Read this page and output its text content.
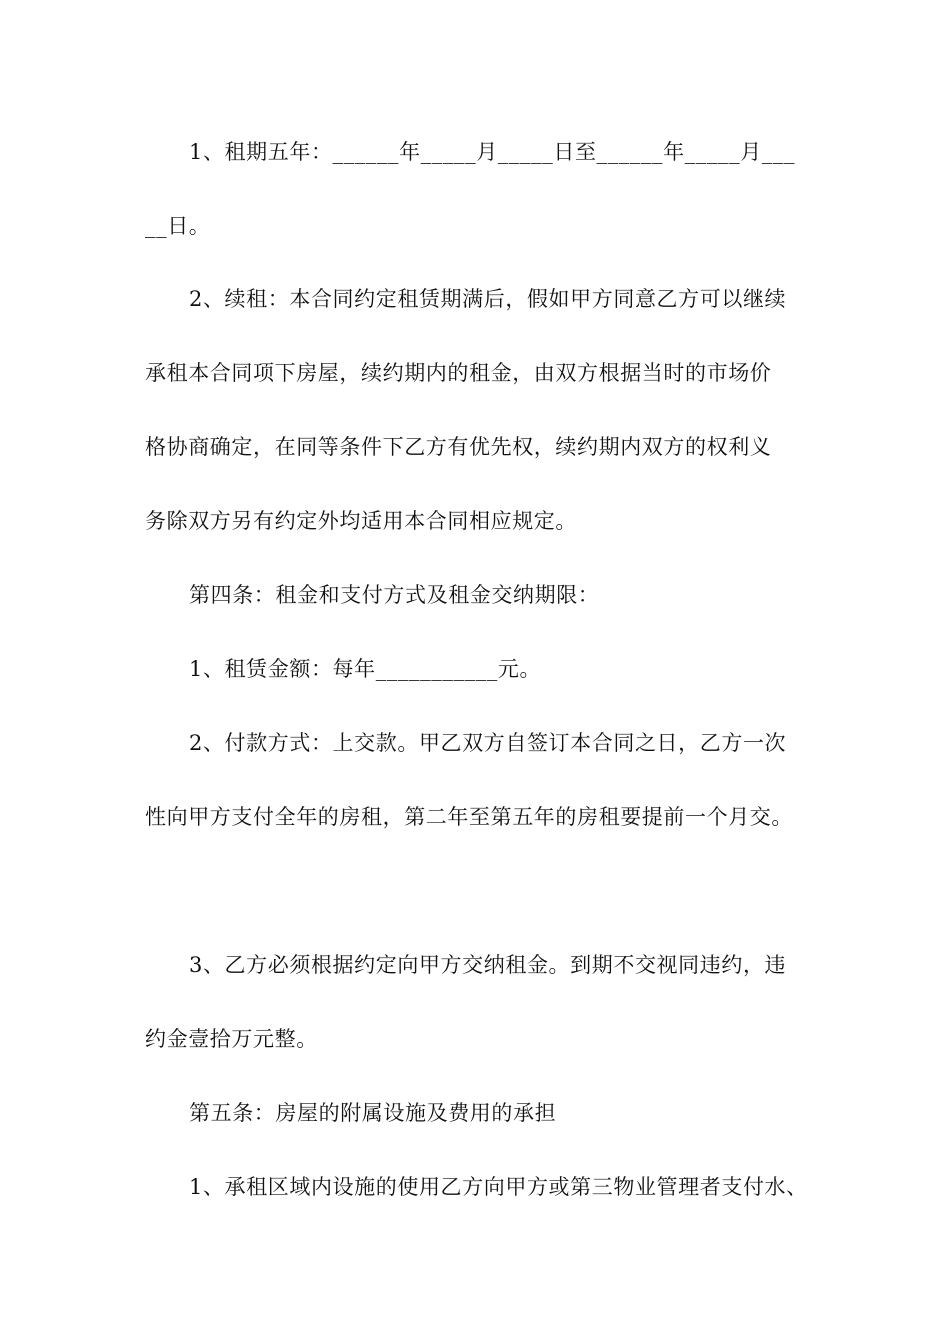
1、租期五年：______年_____月_____日至______年_____月___
__日。
2、续租：本合同约定租赁期满后，假如甲方同意乙方可以继续
承租本合同项下房屋，续约期内的租金，由双方根据当时的市场价
格协商确定，在同等条件下乙方有优先权，续约期内双方的权利义
务除双方另有约定外均适用本合同相应规定。
第四条：租金和支付方式及租金交纳期限：
1、租赁金额：每年___________元。
2、付款方式：上交款。甲乙双方自签订本合同之日，乙方一次
性向甲方支付全年的房租，第二年至第五年的房租要提前一个月交。
3、乙方必须根据约定向甲方交纳租金。到期不交视同违约，违
约金壹拾万元整。
第五条：房屋的附属设施及费用的承担
1、承租区域内设施的使用乙方向甲方或第三物业管理者支付水、
